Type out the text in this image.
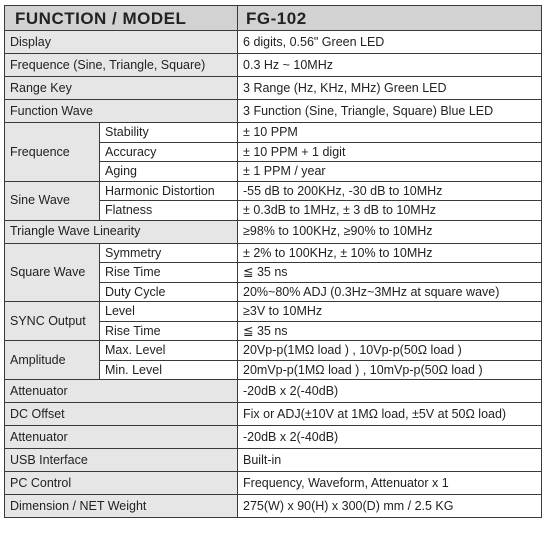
FUNCTION / MODEL		FG-102
Display		6 digits, 0.56" Green LED
Frequence (Sine, Triangle, Square)		0.3 Hz ~ 10MHz
Range Key		3 Range (Hz, KHz, MHz) Green LED
Function Wave		3 Function (Sine, Triangle, Square) Blue LED
Frequence	Stability	± 10 PPM
	Accuracy	± 10 PPM + 1 digit
	Aging	± 1 PPM / year
Sine Wave	Harmonic Distortion	-55 dB to 200KHz, -30 dB to 10MHz
	Flatness	± 0.3dB to 1MHz, ± 3 dB to 10MHz
Triangle Wave Linearity		≥98% to 100KHz, ≥90% to 10MHz
Square Wave	Symmetry	± 2% to 100KHz, ± 10% to 10MHz
	Rise Time	≦ 35 ns
	Duty Cycle	20%~80% ADJ (0.3Hz~3MHz at square wave)
SYNC Output	Level	≥3V to 10MHz
	Rise Time	≦ 35 ns
Amplitude	Max. Level	20Vp-p(1MΩ load ) , 10Vp-p(50Ω load )
	Min. Level	20mVp-p(1MΩ load ) , 10mVp-p(50Ω load )
Attenuator		-20dB x 2(-40dB)
DC Offset		Fix or ADJ(±10V at 1MΩ load, ±5V at 50Ω load)
Attenuator		-20dB x 2(-40dB)
USB Interface		Built-in
PC Control		Frequency, Waveform, Attenuator x 1
Dimension / NET Weight		275(W) x 90(H) x 300(D) mm / 2.5 KG
